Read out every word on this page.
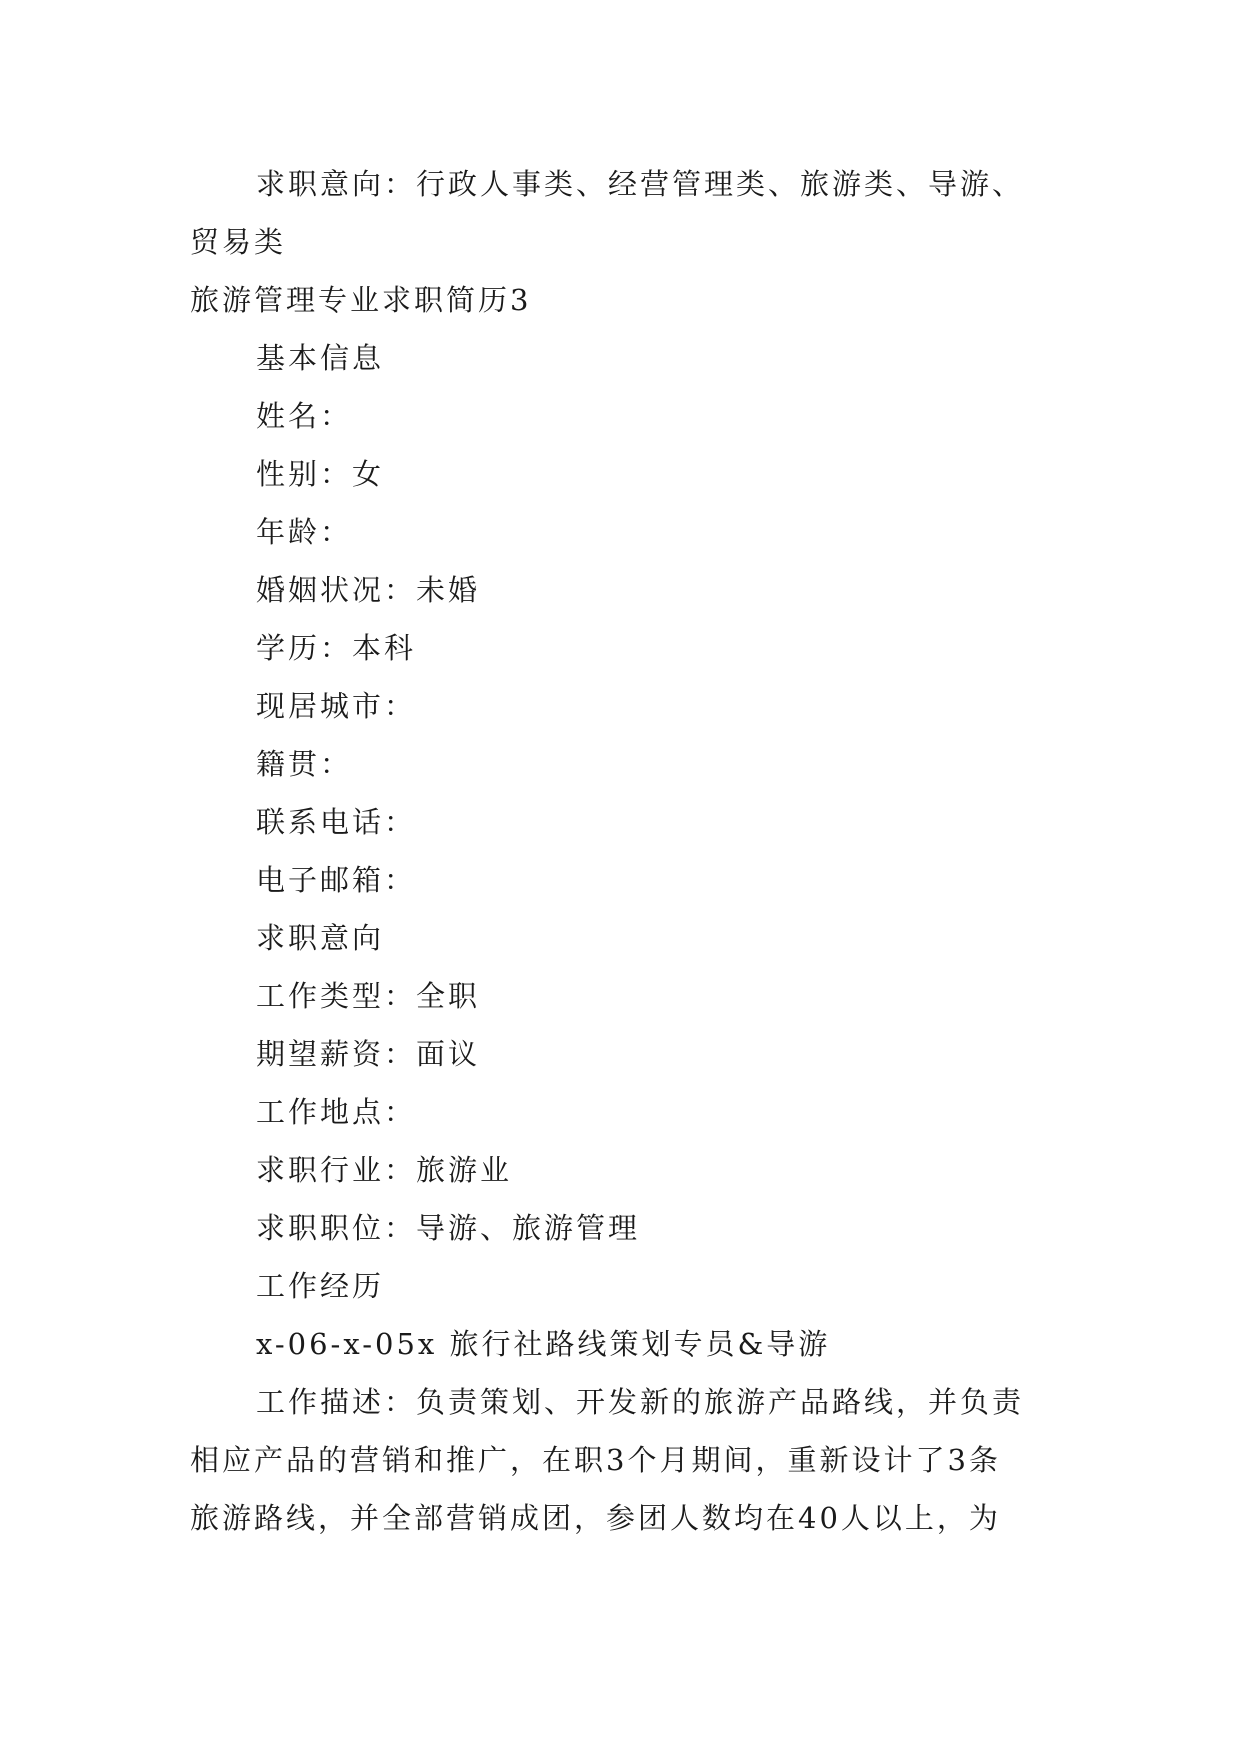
求职意向：行政人事类、经营管理类、旅游类、导游、
贸易类
旅游管理专业求职简历3
基本信息
姓名：
性别：女
年龄：
婚姻状况：未婚
学历：本科
现居城市：
籍贯：
联系电话：
电子邮箱：
求职意向
工作类型：全职
期望薪资：面议
工作地点：
求职行业：旅游业
求职职位：导游、旅游管理
工作经历
x-06-x-05x 旅行社路线策划专员&导游
工作描述：负责策划、开发新的旅游产品路线，并负责
相应产品的营销和推广，在职3个月期间，重新设计了3条
旅游路线，并全部营销成团，参团人数均在40人以上，为
